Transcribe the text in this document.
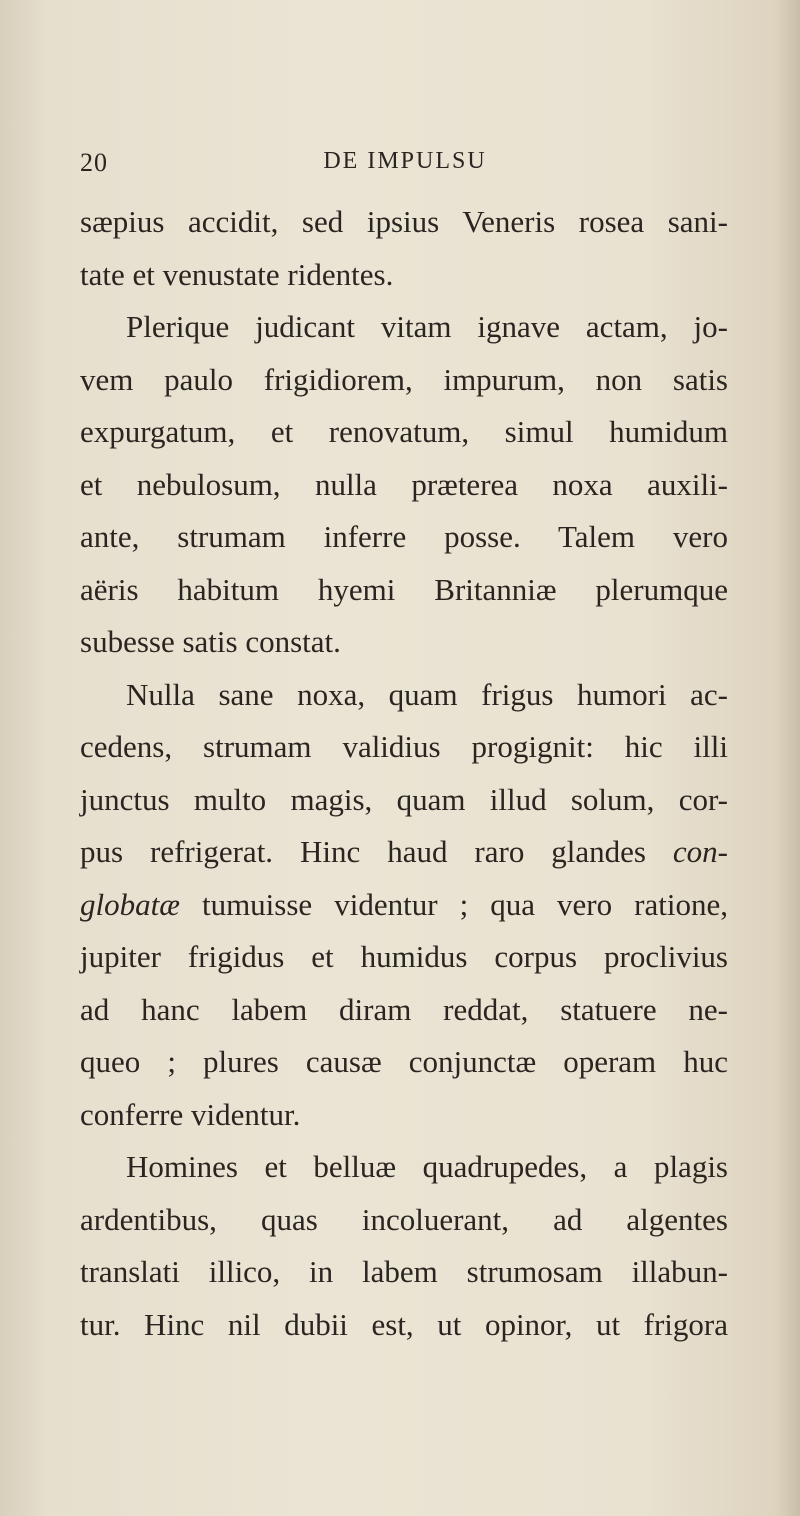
20	DE IMPULSU
sæpius accidit, sed ipsius Veneris rosea sani-
tate et venustate ridentes.
Plerique judicant vitam ignave actam, jo-
vem paulo frigidiorem, impurum, non satis
expurgatum, et renovatum, simul humidum
et nebulosum, nulla præterea noxa auxili-
ante, strumam inferre posse. Talem vero
aëris habitum hyemi Britanniæ plerumque
subesse satis constat.
Nulla sane noxa, quam frigus humori ac-
cedens, strumam validius progignit: hic illi
junctus multo magis, quam illud solum, cor-
pus refrigerat. Hinc haud raro glandes con-
globatæ tumuisse videntur ; qua vero ratione,
jupiter frigidus et humidus corpus proclivius
ad hanc labem diram reddat, statuere ne-
queo ; plures causæ conjunctæ operam huc
conferre videntur.
Homines et belluæ quadrupedes, a plagis
ardentibus, quas incoluerant, ad algentes
translati illico, in labem strumosam illabun-
tur. Hinc nil dubii est, ut opinor, ut frigora
